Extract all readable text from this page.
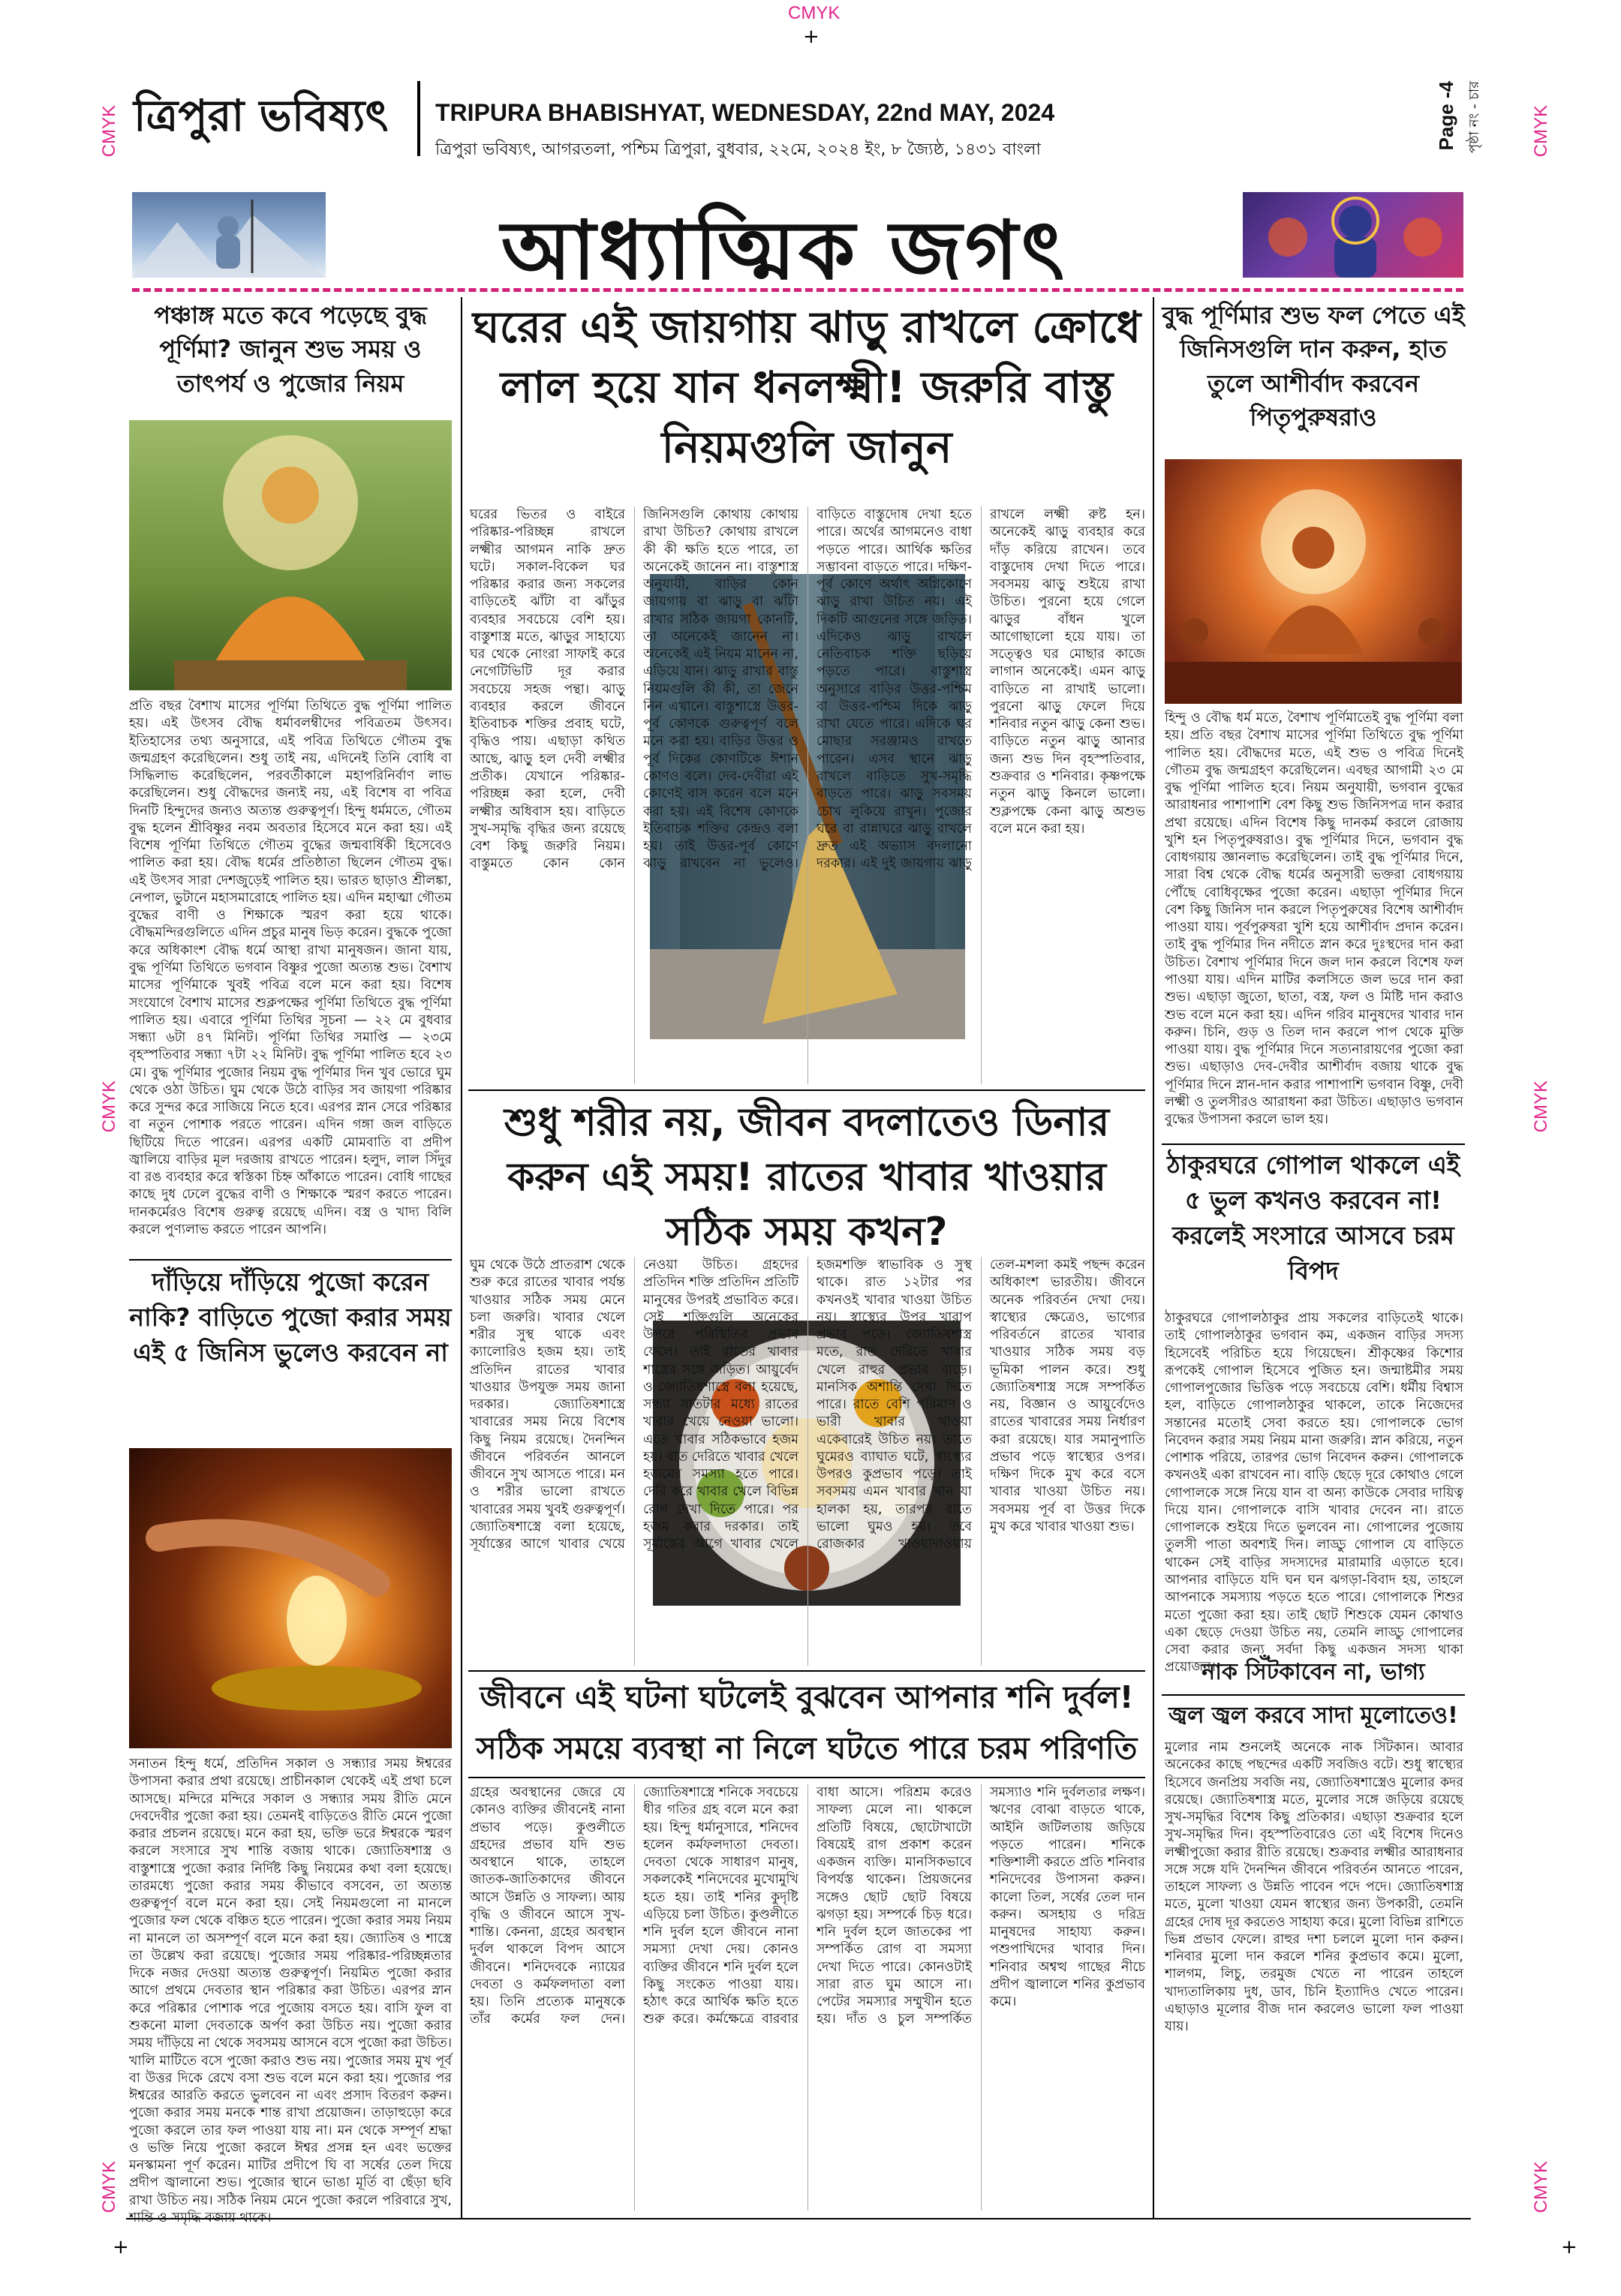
CMYK
+
CMYK
CMYK
CMYK
CMYK
CMYK
CMYK
+
+
ত্রিপুরা ভবিষ্যৎ TRIPURA BHABISHYAT, WEDNESDAY, 22nd MAY, 2024
ত্রিপুরা ভবিষ্যৎ, আগরতলা, পশ্চিম ত্রিপুরা, বুধবার, ২২মে, ২০২৪ ইং, ৮ জ্যৈষ্ঠ, ১৪৩১ বাংলা	Page -4 পৃষ্ঠা নং - চার
আধ্যাত্মিক জগৎ
পঞ্চাঙ্গ মতে কবে পড়েছে বুদ্ধ পূর্ণিমা? জানুন শুভ সময় ও তাৎপর্য ও পুজোর নিয়ম
প্রতি বছর বৈশাখ মাসের পূর্ণিমা তিথিতে বুদ্ধ পূর্ণিমা পালিত হয়। এই উৎসব বৌদ্ধ ধর্মাবলম্বীদের পবিত্রতম উৎসব। ইতিহাসের তথ্য অনুসারে, এই পবিত্র তিথিতে গৌতম বুদ্ধ জন্মগ্রহণ করেছিলেন। শুধু তাই নয়, এদিনেই তিনি বোধি বা সিদ্ধিলাভ করেছিলেন, পরবর্তীকালে মহাপরিনির্বাণ লাভ করেছিলেন। শুধু বৌদ্ধদের জন্যই নয়, এই বিশেষ বা পবিত্র দিনটি হিন্দুদের জন্যও অত্যন্ত গুরুত্বপূর্ণ। হিন্দু ধর্মমতে, গৌতম বুদ্ধ হলেন শ্রীবিষ্ণুর নবম অবতার হিসেবে মনে করা হয়। এই বিশেষ পূর্ণিমা তিথিতে গৌতম বুদ্ধের জন্মবার্ষিকী হিসেবেও পালিত করা হয়। বৌদ্ধ ধর্মের প্রতিষ্ঠাতা ছিলেন গৌতম বুদ্ধ। এই উৎসব সারা দেশজুড়েই পালিত হয়। ভারত ছাড়াও শ্রীলঙ্কা, নেপাল, ভুটানে মহাসমারোহে পালিত হয়। এদিন মহাত্মা গৌতম বুদ্ধের বাণী ও শিক্ষাকে স্মরণ করা হয়ে থাকে। বৌদ্ধমন্দিরগুলিতে এদিন প্রচুর মানুষ ভিড় করেন। বুদ্ধকে পুজো করে অধিকাংশ বৌদ্ধ ধর্মে আস্থা রাখা মানুষজন। জানা যায়, বুদ্ধ পূর্ণিমা তিথিতে ভগবান বিষ্ণুর পুজো অত্যন্ত শুভ। বৈশাখ মাসের পূর্ণিমাকে খুবই পবিত্র বলে মনে করা হয়। বিশেষ সংযোগে বৈশাখ মাসের শুক্লপক্ষের পূর্ণিমা তিথিতে বুদ্ধ পূর্ণিমা পালিত হয়। এবারে পূর্ণিমা তিথির সূচনা — ২২ মে বুধবার সন্ধ্যা ৬টা ৪৭ মিনিট। পূর্ণিমা তিথির সমাপ্তি — ২৩মে বৃহস্পতিবার সন্ধ্যা ৭টা ২২ মিনিট। বুদ্ধ পূর্ণিমা পালিত হবে ২৩ মে। বুদ্ধ পূর্ণিমার পুজোর নিয়ম বুদ্ধ পূর্ণিমার দিন খুব ভোরে ঘুম থেকে ওঠা উচিত। ঘুম থেকে উঠে বাড়ির সব জায়গা পরিষ্কার করে সুন্দর করে সাজিয়ে নিতে হবে। এরপর স্নান সেরে পরিষ্কার বা নতুন পোশাক পরতে পারেন। এদিন গঙ্গা জল বাড়িতে ছিটিয়ে দিতে পারেন। এরপর একটি মোমবাতি বা প্রদীপ জ্বালিয়ে বাড়ির মূল দরজায় রাখতে পারেন। হলুদ, লাল সিঁদুর বা রঙ ব্যবহার করে স্বস্তিকা চিহ্ন আঁকাতে পারেন। বোধি গাছের কাছে দুধ ঢেলে বুদ্ধের বাণী ও শিক্ষাকে স্মরণ করতে পারেন। দানকর্মেরও বিশেষ গুরুত্ব রয়েছে এদিন। বস্ত্র ও খাদ্য বিলি করলে পুণ্যলাভ করতে পারেন আপনি।
দাঁড়িয়ে দাঁড়িয়ে পুজো করেন নাকি? বাড়িতে পুজো করার সময় এই ৫ জিনিস ভুলেও করবেন না
সনাতন হিন্দু ধর্মে, প্রতিদিন সকাল ও সন্ধ্যার সময় ঈশ্বরের উপাসনা করার প্রথা রয়েছে। প্রাচীনকাল থেকেই এই প্রথা চলে আসছে। মন্দিরে মন্দিরে সকাল ও সন্ধ্যার সময় রীতি মেনে দেবদেবীর পুজো করা হয়। তেমনই বাড়িতেও রীতি মেনে পুজো করার প্রচলন রয়েছে। মনে করা হয়, ভক্তি ভরে ঈশ্বরকে স্মরণ করলে সংসারে সুখ শান্তি বজায় থাকে। জ্যোতিষশাস্ত্র ও বাস্তুশাস্ত্রে পুজো করার নির্দিষ্ট কিছু নিয়মের কথা বলা হয়েছে। তারমধ্যে পুজো করার সময় কীভাবে বসবেন, তা অত্যন্ত গুরুত্বপূর্ণ বলে মনে করা হয়। সেই নিয়মগুলো না মানলে পুজোর ফল থেকে বঞ্চিত হতে পারেন। পুজো করার সময় নিয়ম না মানলে তা অসম্পূর্ণ বলে মনে করা হয়। জ্যোতিষ ও শাস্ত্রে তা উল্লেখ করা রয়েছে। পুজোর সময় পরিষ্কার-পরিচ্ছন্নতার দিকে নজর দেওয়া অত্যন্ত গুরুত্বপূর্ণ। নিয়মিত পুজো করার আগে প্রথমে দেবতার স্থান পরিষ্কার করা উচিত। এরপর স্নান করে পরিষ্কার পোশাক পরে পুজোয় বসতে হয়। বাসি ফুল বা শুকনো মালা দেবতাকে অর্পণ করা উচিত নয়। পুজো করার সময় দাঁড়িয়ে না থেকে সবসময় আসনে বসে পুজো করা উচিত। খালি মাটিতে বসে পুজো করাও শুভ নয়। পুজোর সময় মুখ পূর্ব বা উত্তর দিকে রেখে বসা শুভ বলে মনে করা হয়। পুজোর পর ঈশ্বরের আরতি করতে ভুলবেন না এবং প্রসাদ বিতরণ করুন। পুজো করার সময় মনকে শান্ত রাখা প্রয়োজন। তাড়াহুড়ো করে পুজো করলে তার ফল পাওয়া যায় না। মন থেকে সম্পূর্ণ শ্রদ্ধা ও ভক্তি নিয়ে পুজো করলে ঈশ্বর প্রসন্ন হন এবং ভক্তের মনস্কামনা পূর্ণ করেন। মাটির প্রদীপে ঘি বা সর্ষের তেল দিয়ে প্রদীপ জ্বালানো শুভ। পুজোর স্থানে ভাঙা মূর্তি বা ছেঁড়া ছবি রাখা উচিত নয়। সঠিক নিয়ম মেনে পুজো করলে পরিবারে সুখ, শান্তি ও সমৃদ্ধি বজায় থাকে।
ঘরের এই জায়গায় ঝাড়ু রাখলে ক্রোধে লাল হয়ে যান ধনলক্ষ্মী! জরুরি বাস্তু নিয়মগুলি জানুন
ঘরের ভিতর ও বাইরে পরিষ্কার-পরিচ্ছন্ন রাখলে লক্ষ্মীর আগমন নাকি দ্রুত ঘটে। সকাল-বিকেল ঘর পরিষ্কার করার জন্য সকলের বাড়িতেই ঝাঁটা বা ঝাঁড়ুর ব্যবহার সবচেয়ে বেশি হয়। বাস্তুশাস্ত্র মতে, ঝাড়ুর সাহায্যে ঘর থেকে নোংরা সাফাই করে নেগেটিভিটি দূর করার সবচেয়ে সহজ পন্থা। ঝাড়ু ব্যবহার করলে জীবনে ইতিবাচক শক্তির প্রবাহ ঘটে, বৃদ্ধিও পায়। এছাড়া কথিত আছে, ঝাড়ু হল দেবী লক্ষ্মীর প্রতীক। যেখানে পরিষ্কার-পরিচ্ছন্ন করা হলে, দেবী লক্ষ্মীর অধিবাস হয়। বাড়িতে সুখ-সমৃদ্ধি বৃদ্ধির জন্য রয়েছে বেশ কিছু জরুরি নিয়ম। বাস্তুমতে কোন কোন জিনিসগুলি কোথায় কোথায় রাখা উচিত? কোথায় রাখলে কী কী ক্ষতি হতে পারে, তা অনেকেই জানেন না। বাস্তুশাস্ত্র অনুযায়ী, বাড়ির কোন জায়গায় বা ঝাড়ু বা ঝাঁটা রাখার সঠিক জায়গা কোনটি, তা অনেকেই জানেন না। অনেকেই এই নিয়ম মানেন না, এড়িয়ে যান। ঝাড়ু রাখার বাস্তু নিয়মগুলি কী কী, তা জেনে নিন এখানে। বাস্তুশাস্ত্রে উত্তর-পূর্ব কোণকে গুরুত্বপূর্ণ বলে মনে করা হয়। বাড়ির উত্তর ও পূর্ব দিকের কোণটিকে ঈশান কোণও বলে। দেব-দেবীরা এই কোণেই বাস করেন বলে মনে করা হয়। এই বিশেষ কোণকে ইতিবাচক শক্তির কেন্দ্রও বলা হয়। তাই উত্তর-পূর্ব কোণে ঝাড়ু রাখবেন না ভুলেও। বাড়িতে বাস্তুদোষ দেখা হতে পারে। অর্থের আগমনেও বাধা পড়তে পারে। আর্থিক ক্ষতির সম্ভাবনা বাড়তে পারে। দক্ষিণ-পূর্ব কোণে অর্থাৎ অগ্নিকোণে ঝাড়ু রাখা উচিত নয়। এই দিকটি আগুনের সঙ্গে জড়িত। এদিকেও ঝাড়ু রাখলে নেতিবাচক শক্তি ছড়িয়ে পড়তে পারে। বাস্তুশাস্ত্র অনুসারে বাড়ির উত্তর-পশ্চিম বা উত্তর-পশ্চিম দিকে ঝাড়ু রাখা যেতে পারে। এদিকে ঘর মোছার সরঞ্জামও রাখতে পারেন। এসব স্থানে ঝাড়ু রাখলে বাড়িতে সুখ-সমৃদ্ধি বাড়তে পারে। ঝাড়ু সবসময় চোখ লুকিয়ে রাখুন। পুজোর ঘরে বা রান্নাঘরে ঝাড়ু রাখলে দ্রুত এই অভ্যাস বদলানো দরকার। এই দুই জায়গায় ঝাড়ু রাখলে লক্ষ্মী রুষ্ট হন। অনেকেই ঝাড়ু ব্যবহার করে দাঁড় করিয়ে রাখেন। তবে বাস্তুদোষ দেখা দিতে পারে। সবসময় ঝাড়ু শুইয়ে রাখা উচিত। পুরনো হয়ে গেলে ঝাড়ুর বাঁধন খুলে আগোছালো হয়ে যায়। তা সত্ত্বেও ঘর মোছার কাজে লাগান অনেকেই। এমন ঝাড়ু বাড়িতে না রাখাই ভালো। পুরনো ঝাড়ু ফেলে দিয়ে শনিবার নতুন ঝাড়ু কেনা শুভ। বাড়িতে নতুন ঝাড়ু আনার জন্য শুভ দিন বৃহস্পতিবার, শুক্রবার ও শনিবার। কৃষ্ণপক্ষে নতুন ঝাড়ু কিনলে ভালো। শুক্লপক্ষে কেনা ঝাড়ু অশুভ বলে মনে করা হয়।
শুধু শরীর নয়, জীবন বদলাতেও ডিনার করুন এই সময়! রাতের খাবার খাওয়ার সঠিক সময় কখন?
ঘুম থেকে উঠে প্রাতরাশ থেকে শুরু করে রাতের খাবার পর্যন্ত খাওয়ার সঠিক সময় মেনে চলা জরুরি। খাবার খেলে শরীর সুস্থ থাকে এবং ক্যালোরিও হজম হয়। তাই প্রতিদিন রাতের খাবার খাওয়ার উপযুক্ত সময় জানা দরকার। জ্যোতিষশাস্ত্রে খাবারের সময় নিয়ে বিশেষ কিছু নিয়ম রয়েছে। দৈনন্দিন জীবনে পরিবর্তন আনলে জীবনে সুখ আসতে পারে। মন ও শরীর ভালো রাখতে খাবারের সময় খুবই গুরুত্বপূর্ণ। জ্যোতিষশাস্ত্রে বলা হয়েছে, সূর্যাস্তের আগে খাবার খেয়ে নেওয়া উচিত। গ্রহদের প্রতিদিন শক্তি প্রতিদিন প্রতিটি মানুষের উপরই প্রভাবিত করে। সেই শক্তিগুলি অনেকের উপরে পরিস্থিতির প্রভাব ফেলে। তাই রাতের খাবার শাস্ত্রের সঙ্গে জড়িত। আয়ুর্বেদ ও জ্যোতিষশাস্ত্রে বলা হয়েছে, সন্ধ্যা সাতটার মধ্যে রাতের খাবার খেয়ে নেওয়া ভালো। এতে খাবার সঠিকভাবে হজম হয়। রাত দেরিতে খাবার খেলে হজমের সমস্যা হতে পারে। দেরি করে খাবার খেলে বিভিন্ন রোগ দেখা দিতে পারে। পর হজম করার দরকার। তাই সূর্যাস্তের আগে খাবার খেলে হজমশক্তি স্বাভাবিক ও সুস্থ থাকে। রাত ১২টার পর কখনওই খাবার খাওয়া উচিত নয়। স্বাস্থ্যের উপর খারাপ প্রভাব পড়ে। জ্যোতিষশাস্ত্র মতে, রাত দেরিতে খাবার খেলে রাহুর প্রভাব বাড়ে। মানসিক অশান্তি দেখা দিতে পারে। রাতে বেশি পরিমাণ ও ভারী খাবার খাওয়া একেবারেই উচিত নয়। তাতে ঘুমেরও ব্যাঘাত ঘটে, স্বাস্থ্যের উপরও কুপ্রভাব পড়ে। তাই সবসময় এমন খাবার খান যা হালকা হয়, তারপর রাতে ভালো ঘুমও হয়। তবে রোজকার খাওয়াদাওয়ায় তেল-মশলা কমই পছন্দ করেন অধিকাংশ ভারতীয়। জীবনে অনেক পরিবর্তন দেখা দেয়। স্বাস্থ্যের ক্ষেত্রেও, ভাগ্যের পরিবর্তনে রাতের খাবার খাওয়ার সঠিক সময় বড় ভূমিকা পালন করে। শুধু জ্যোতিষশাস্ত্র সঙ্গে সম্পর্কিত নয়, বিজ্ঞান ও আয়ুর্বেদেও রাতের খাবারের সময় নির্ধারণ করা রয়েছে। যার সমানুপাতি প্রভাব পড়ে স্বাস্থ্যের ওপর। দক্ষিণ দিকে মুখ করে বসে খাবার খাওয়া উচিত নয়। সবসময় পূর্ব বা উত্তর দিকে মুখ করে খাবার খাওয়া শুভ।
জীবনে এই ঘটনা ঘটলেই বুঝবেন আপনার শনি দুর্বল!
সঠিক সময়ে ব্যবস্থা না নিলে ঘটতে পারে চরম পরিণতি
গ্রহের অবস্থানের জেরে যে কোনও ব্যক্তির জীবনেই নানা প্রভাব পড়ে। কুণ্ডলীতে গ্রহদের প্রভাব যদি শুভ অবস্থানে থাকে, তাহলে জাতক-জাতিকাদের জীবনে আসে উন্নতি ও সাফল্য। আয় বৃদ্ধি ও জীবনে আসে সুখ-শান্তি। কেননা, গ্রহের অবস্থান দুর্বল থাকলে বিপদ আসে জীবনে। শনিদেবকে ন্যায়ের দেবতা ও কর্মফলদাতা বলা হয়। তিনি প্রত্যেক মানুষকে তাঁর কর্মের ফল দেন। জ্যোতিষশাস্ত্রে শনিকে সবচেয়ে ধীর গতির গ্রহ বলে মনে করা হয়। হিন্দু ধর্মানুসারে, শনিদেব হলেন কর্মফলদাতা দেবতা। দেবতা থেকে সাধারণ মানুষ, সকলকেই শনিদেবের মুখোমুখি হতে হয়। তাই শনির কুদৃষ্টি এড়িয়ে চলা উচিত। কুণ্ডলীতে শনি দুর্বল হলে জীবনে নানা সমস্যা দেখা দেয়। কোনও ব্যক্তির জীবনে শনি দুর্বল হলে কিছু সংকেত পাওয়া যায়। হঠাৎ করে আর্থিক ক্ষতি হতে শুরু করে। কর্মক্ষেত্রে বারবার বাধা আসে। পরিশ্রম করেও সাফল্য মেলে না। থাকলে প্রতিটি বিষয়ে, ছোটোখাটো বিষয়েই রাগ প্রকাশ করেন একজন ব্যক্তি। মানসিকভাবে বিপর্যস্ত থাকেন। প্রিয়জনের সঙ্গেও ছোট ছোট বিষয়ে ঝগড়া হয়। সম্পর্কে চিড় ধরে। শনি দুর্বল হলে জাতকের পা সম্পর্কিত রোগ বা সমস্যা দেখা দিতে পারে। কোনওটাই সারা রাত ঘুম আসে না। পেটের সমস্যার সম্মুখীন হতে হয়। দাঁত ও চুল সম্পর্কিত সমস্যাও শনি দুর্বলতার লক্ষণ। ঋণের বোঝা বাড়তে থাকে, আইনি জটিলতায় জড়িয়ে পড়তে পারেন। শনিকে শক্তিশালী করতে প্রতি শনিবার শনিদেবের উপাসনা করুন। কালো তিল, সর্ষের তেল দান করুন। অসহায় ও দরিদ্র মানুষদের সাহায্য করুন। পশুপাখিদের খাবার দিন। শনিবার অশ্বত্থ গাছের নীচে প্রদীপ জ্বালালে শনির কুপ্রভাব কমে।
বুদ্ধ পূর্ণিমার শুভ ফল পেতে এই জিনিসগুলি দান করুন, হাত তুলে আশীর্বাদ করবেন পিতৃপুরুষরাও
হিন্দু ও বৌদ্ধ ধর্ম মতে, বৈশাখ পূর্ণিমাতেই বুদ্ধ পূর্ণিমা বলা হয়। প্রতি বছর বৈশাখ মাসের পূর্ণিমা তিথিতে বুদ্ধ পূর্ণিমা পালিত হয়। বৌদ্ধদের মতে, এই শুভ ও পবিত্র দিনেই গৌতম বুদ্ধ জন্মগ্রহণ করেছিলেন। এবছর আগামী ২৩ মে বুদ্ধ পূর্ণিমা পালিত হবে। নিয়ম অনুযায়ী, ভগবান বুদ্ধের আরাধনার পাশাপাশি বেশ কিছু শুভ জিনিসপত্র দান করার প্রথা রয়েছে। এদিন বিশেষ কিছু দানকর্ম করলে রোজায় খুশি হন পিতৃপুরুষরাও। বুদ্ধ পূর্ণিমার দিনে, ভগবান বুদ্ধ বোধগয়ায় জ্ঞানলাভ করেছিলেন। তাই বুদ্ধ পূর্ণিমার দিনে, সারা বিশ্ব থেকে বৌদ্ধ ধর্মের অনুসারী ভক্তরা বোধগয়ায় পৌঁছে বোধিবৃক্ষের পুজো করেন। এছাড়া পূর্ণিমার দিনে বেশ কিছু জিনিস দান করলে পিতৃপুরুষের বিশেষ আশীর্বাদ পাওয়া যায়। পূর্বপুরুষরা খুশি হয়ে আশীর্বাদ প্রদান করেন। তাই বুদ্ধ পূর্ণিমার দিন নদীতে স্নান করে দুঃস্থদের দান করা উচিত। বৈশাখ পূর্ণিমার দিনে জল দান করলে বিশেষ ফল পাওয়া যায়। এদিন মাটির কলসিতে জল ভরে দান করা শুভ। এছাড়া জুতো, ছাতা, বস্ত্র, ফল ও মিষ্টি দান করাও শুভ বলে মনে করা হয়। এদিন গরিব মানুষদের খাবার দান করুন। চিনি, গুড় ও তিল দান করলে পাপ থেকে মুক্তি পাওয়া যায়। বুদ্ধ পূর্ণিমার দিনে সত্যনারায়ণের পুজো করা শুভ। এছাড়াও দেব-দেবীর আশীর্বাদ বজায় থাকে বুদ্ধ পূর্ণিমার দিনে স্নান-দান করার পাশাপাশি ভগবান বিষ্ণু, দেবী লক্ষ্মী ও তুলসীরও আরাধনা করা উচিত। এছাড়াও ভগবান বুদ্ধের উপাসনা করলে ভাল হয়।
ঠাকুরঘরে গোপাল থাকলে এই ৫ ভুল কখনও করবেন না! করলেই সংসারে আসবে চরম বিপদ
ঠাকুরঘরে গোপালঠাকুর প্রায় সকলের বাড়িতেই থাকে। তাই গোপালঠাকুর ভগবান কম, একজন বাড়ির সদস্য হিসেবেই পরিচিত হয়ে গিয়েছেন। শ্রীকৃষ্ণের কিশোর রূপকেই গোপাল হিসেবে পুজিত হন। জন্মাষ্টমীর সময় গোপালপুজোর ভিত্তিক পড়ে সবচেয়ে বেশি। ধর্মীয় বিশ্বাস হল, বাড়িতে গোপালঠাকুর থাকলে, তাকে নিজেদের সন্তানের মতোই সেবা করতে হয়। গোপালকে ভোগ নিবেদন করার সময় নিয়ম মানা জরুরি। স্নান করিয়ে, নতুন পোশাক পরিয়ে, তারপর ভোগ নিবেদন করুন। গোপালকে কখনওই একা রাখবেন না। বাড়ি ছেড়ে দূরে কোথাও গেলে গোপালকে সঙ্গে নিয়ে যান বা অন্য কাউকে সেবার দায়িত্ব দিয়ে যান। গোপালকে বাসি খাবার দেবেন না। রাতে গোপালকে শুইয়ে দিতে ভুলবেন না। গোপালের পুজোয় তুলসী পাতা অবশ্যই দিন। লাড্ডু গোপাল যে বাড়িতে থাকেন সেই বাড়ির সদস্যদের মারামারি এড়াতে হবে। আপনার বাড়িতে যদি ঘন ঘন ঝগড়া-বিবাদ হয়, তাহলে আপনাকে সমস্যায় পড়তে হতে পারে। গোপালকে শিশুর মতো পুজো করা হয়। তাই ছোট শিশুকে যেমন কোথাও একা ছেড়ে দেওয়া উচিত নয়, তেমনি লাড্ডু গোপালের সেবা করার জন্য সর্বদা কিছু একজন সদস্য থাকা প্রয়োজন।
নাক সিঁটকাবেন না, ভাগ্য
জ্বল জ্বল করবে সাদা মূলোতেও!
মুলোর নাম শুনলেই অনেকে নাক সিঁটকান। আবার অনেকের কাছে পছন্দের একটি সবজিও বটে। শুধু স্বাস্থ্যের হিসেবে জনপ্রিয় সবজি নয়, জ্যোতিষশাস্ত্রেও মুলোর কদর রয়েছে। জ্যোতিষশাস্ত্র মতে, মুলোর সঙ্গে জড়িয়ে রয়েছে সুখ-সমৃদ্ধির বিশেষ কিছু প্রতিকার। এছাড়া শুক্রবার হলে সুখ-সমৃদ্ধির দিন। বৃহস্পতিবারেও তো এই বিশেষ দিনেও লক্ষ্মীপুজো করার রীতি রয়েছে। শুক্রবার লক্ষ্মীর আরাধনার সঙ্গে সঙ্গে যদি দৈনন্দিন জীবনে পরিবর্তন আনতে পারেন, তাহলে সাফল্য ও উন্নতি পাবেন পদে পদে। জ্যোতিষশাস্ত্র মতে, মুলো খাওয়া যেমন স্বাস্থ্যের জন্য উপকারী, তেমনি গ্রহের দোষ দূর করতেও সাহায্য করে। মুলো বিভিন্ন রাশিতে ভিন্ন প্রভাব ফেলে। রাহুর দশা চললে মুলো দান করুন। শনিবার মুলো দান করলে শনির কুপ্রভাব কমে। মুলো, শালগম, লিচু, তরমুজ খেতে না পারেন তাহলে খাদ্যতালিকায় দুধ, ডাব, চিনি ইত্যাদিও খেতে পারেন। এছাড়াও মূলোর বীজ দান করলেও ভালো ফল পাওয়া যায়।
